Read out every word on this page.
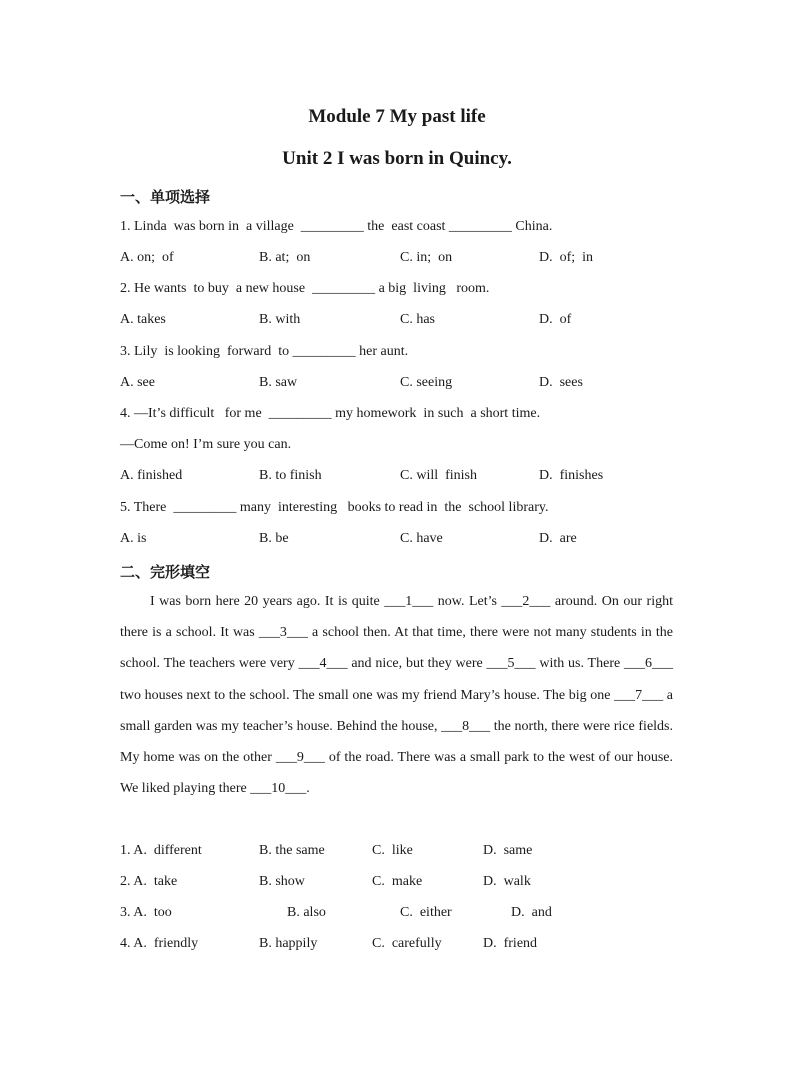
Module 7 My past life
Unit 2 I was born in Quincy.
一、单项选择
1. Linda  was born in  a village  _________ the  east coast _________ China.
A. on;  of	B. at;  on	C. in;  on	D.  of;  in
2. He wants  to buy  a new house  _________ a big  living   room.
A. takes	B. with	C. has	D.  of
3. Lily  is looking  forward  to _________ her aunt.
A. see	B. saw	C. seeing	D.  sees
4. —It’s difficult   for me  _________ my homework  in such  a short time.
—Come on! I’m sure you can.
A. finished	B. to finish	C. will  finish	D.  finishes
5. There  _________ many  interesting   books to read in  the  school library.
A. is	B. be	C. have	D.  are
二、完形填空
I was born here 20 years ago. It is quite ___1___ now. Let’s ___2___ around. On our right there is a school. It was ___3___ a school then. At that time, there were not many students in the school. The teachers were very ___4___ and nice, but they were ___5___ with us. There ___6___ two houses next to the school. The small one was my friend Mary’s house. The big one ___7___ a small garden was my teacher’s house. Behind the house, ___8___ the north, there were rice fields. My home was on the other ___9___ of the road. There was a small park to the west of our house. We liked playing there ___10___.
1. A.  different	B. the same	C.  like	D.  same
2. A.  take	B. show	C.  make	D.  walk
3. A.  too	B. also	C.  either	D.  and
4. A.  friendly	B. happily	C.  carefully	D.  friend
